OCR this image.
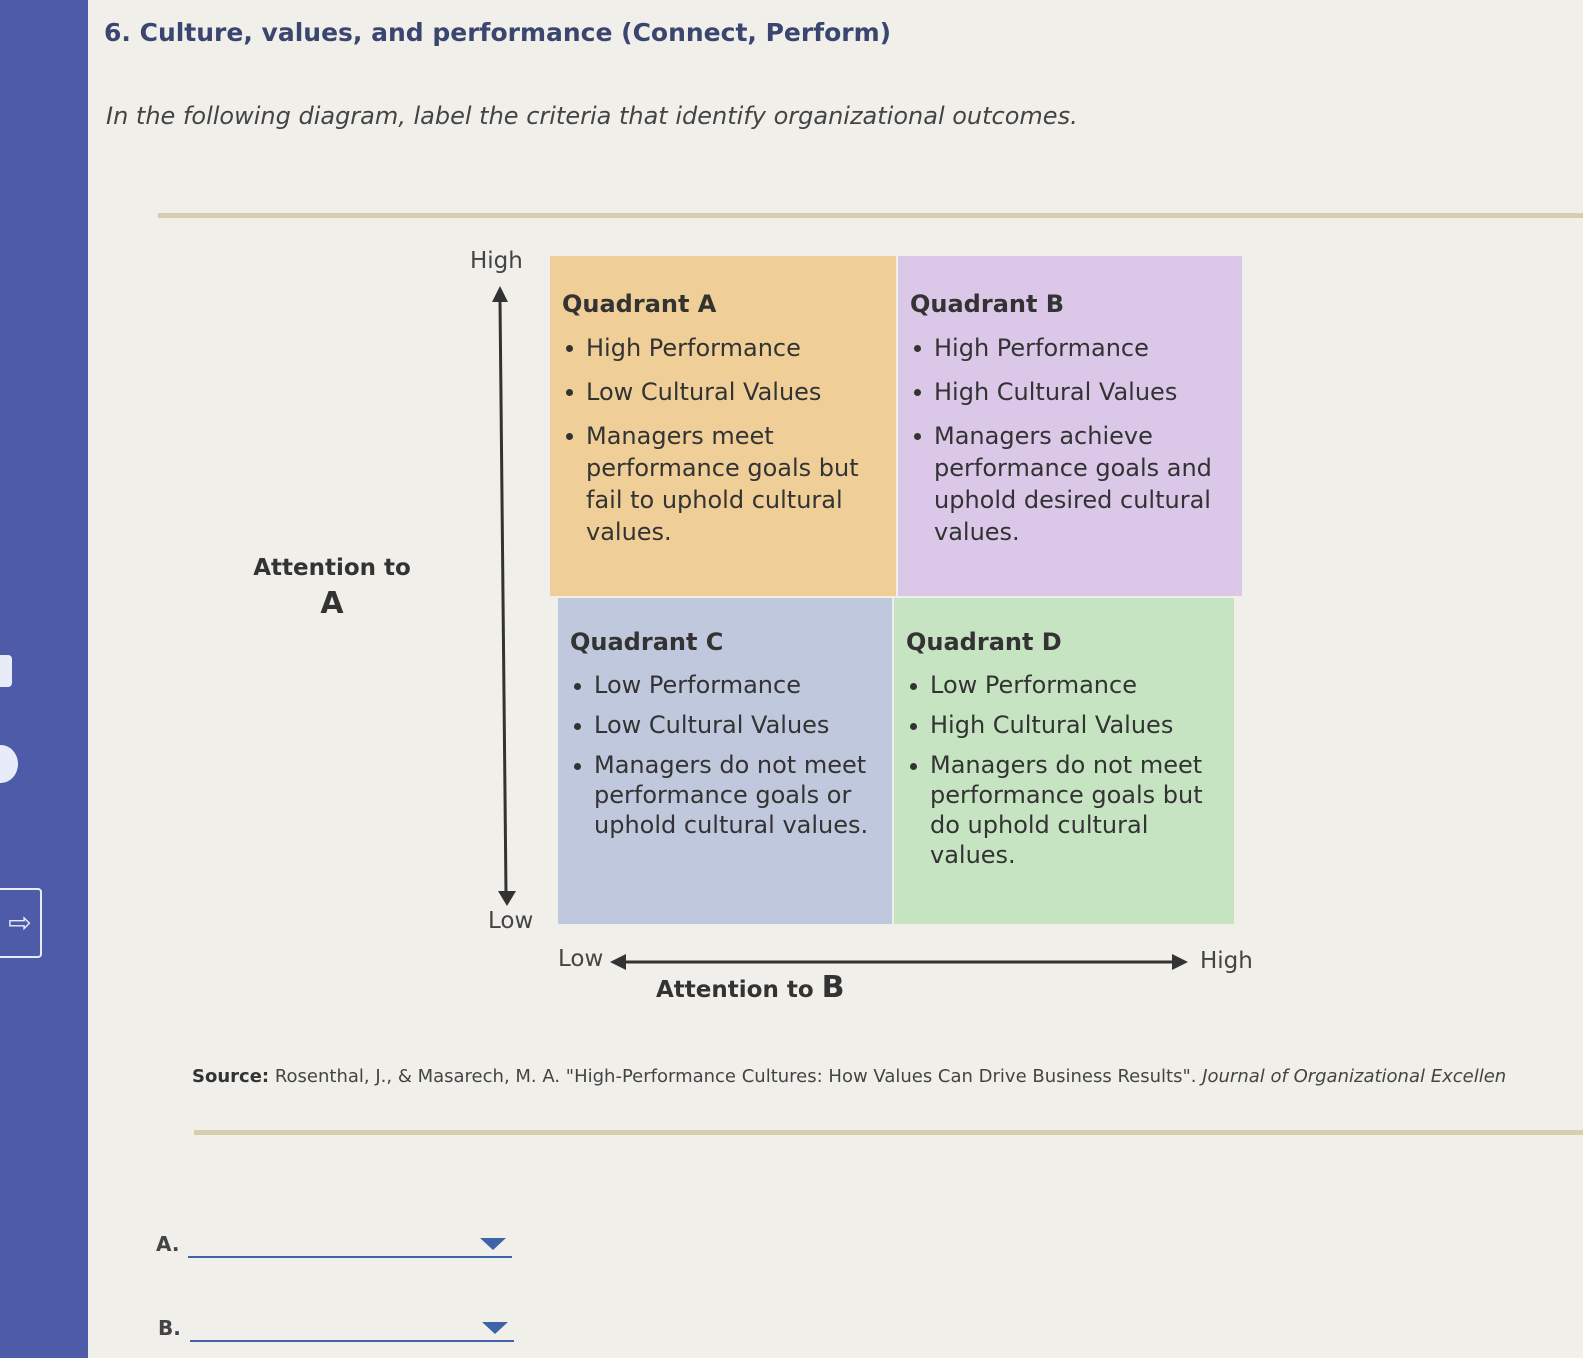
⇨
6. Culture, values, and performance (Connect, Perform)
In the following diagram, label the criteria that identify organizational outcomes.
High
Low
Low	High
Attention to
A
Attention to B
Quadrant A
High Performance
Low Cultural Values
Managers meet performance goals but fail to uphold cultural values.
Quadrant B
High Performance
High Cultural Values
Managers achieve performance goals and uphold desired cultural values.
Quadrant C
Low Performance
Low Cultural Values
Managers do not meet performance goals or uphold cultural values.
Quadrant D
Low Performance
High Cultural Values
Managers do not meet performance goals but do uphold cultural values.
Source: Rosenthal, J., & Masarech, M. A. "High-Performance Cultures: How Values Can Drive Business Results". Journal of Organizational Excellen
A.
B.
